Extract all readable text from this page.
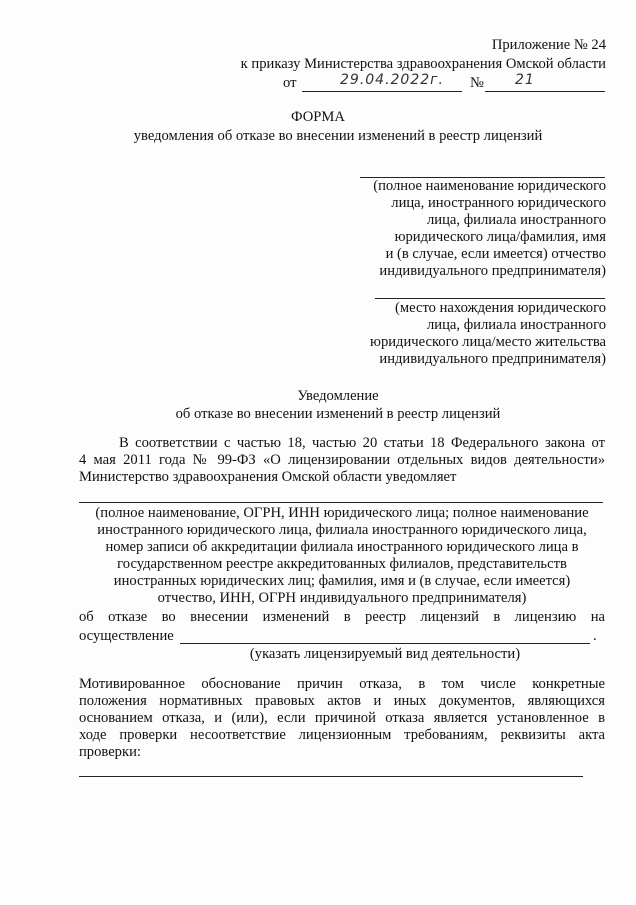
Приложение № 24
к приказу Министерства здравоохранения Омской области
от	29.04.2022г. № 21
ФОРМА
уведомления об отказе во внесении изменений в реестр лицензий
(полное наименование юридического
лица, иностранного юридического
лица, филиала иностранного
юридического лица/фамилия, имя
и (в случае, если имеется) отчество
индивидуального предпринимателя)
(место нахождения юридического
лица, филиала иностранного
юридического лица/место жительства
индивидуального предпринимателя)
Уведомление
об отказе во внесении изменений в реестр лицензий
В соответствии с частью 18, частью 20 статьи 18 Федерального закона от
4 мая 2011 года № 99-ФЗ «О лицензировании отдельных видов деятельности»
Министерство здравоохранения Омской области уведомляет
(полное наименование, ОГРН, ИНН юридического лица; полное наименование
иностранного юридического лица, филиала иностранного юридического лица,
номер записи об аккредитации филиала иностранного юридического лица в
государственном реестре аккредитованных филиалов, представительств
иностранных юридических лиц; фамилия, имя и (в случае, если имеется)
отчество, ИНН, ОГРН индивидуального предпринимателя)
об отказе во внесении изменений в реестр лицензий в лицензию на
осуществление	.
(указать лицензируемый вид деятельности)
Мотивированное обоснование причин отказа, в том числе конкретные
положения нормативных правовых актов и иных документов, являющихся
основанием отказа, и (или), если причиной отказа является установленное в
ходе проверки несоответствие лицензионным требованиям, реквизиты акта
проверки:
